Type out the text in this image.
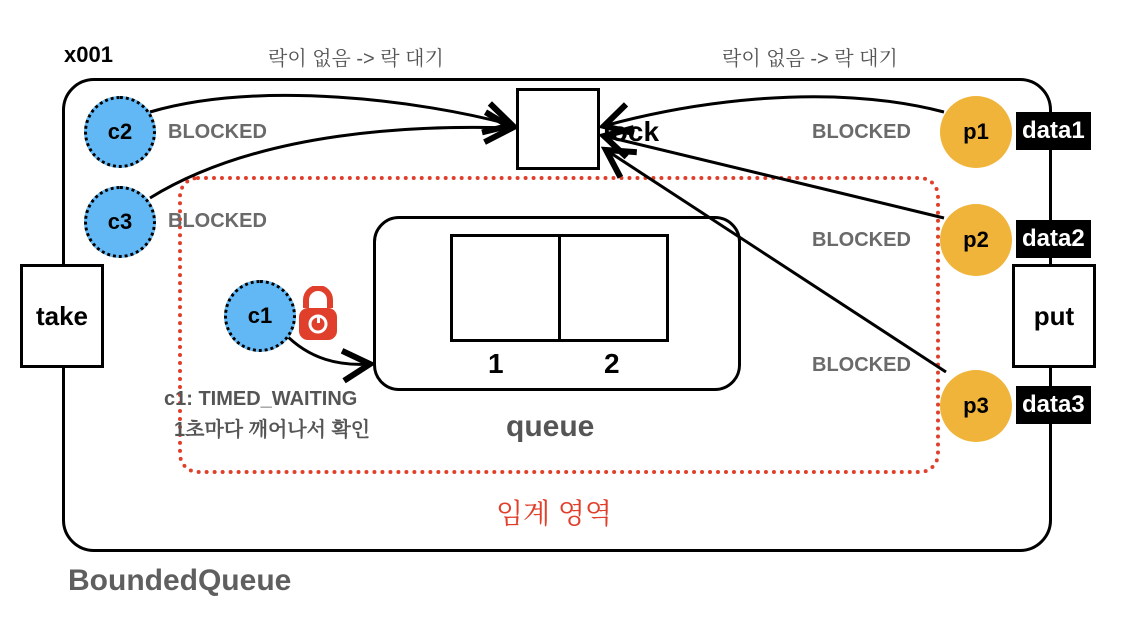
x001	락이 없음 -> 락 대기	락이 없음 -> 락 대기
1	2
queue
lock
take	put
c2	BLOCKED
c3	BLOCKED
c1
c1: TIMED_WAITING
1초마다 깨어나서 확인
BLOCKED	p1	data1
BLOCKED	p2	data2
BLOCKED
p3	data3
임계 영역
BoundedQueue
